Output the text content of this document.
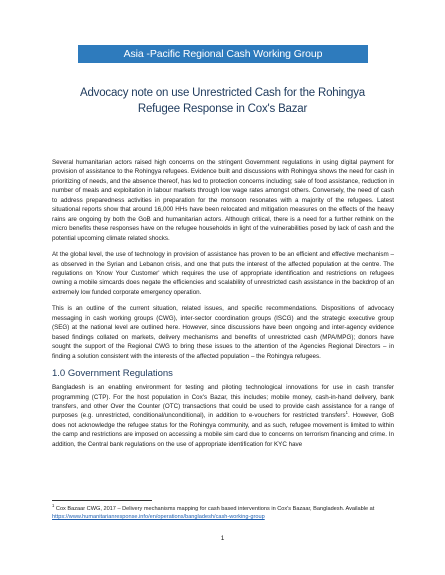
Asia -Pacific Regional Cash Working Group
Advocacy note on use Unrestricted Cash for the Rohingya Refugee Response in Cox's Bazar

Several humanitarian actors raised high concerns on the stringent Government regulations in using digital payment for provision of assistance to the Rohingya refugees. Evidence built and discussions with Rohingya shows the need for cash in prioritizing of needs, and the absence thereof, has led to protection concerns including; sale of food assistance, reduction in number of meals and exploitation in labour markets through low wage rates amongst others. Conversely, the need of cash to address preparedness activities in preparation for the monsoon resonates with a majority of the refugees. Latest situational reports show that around 16,000 HHs have been relocated and mitigation measures on the effects of the heavy rains are ongoing by both the GoB and humanitarian actors. Although critical, there is a need for a further rethink on the micro benefits these responses have on the refugee households in light of the vulnerabilities posed by lack of cash and the potential upcoming climate related shocks.

At the global level, the use of technology in provision of assistance has proven to be an efficient and effective mechanism – as observed in the Syrian and Lebanon crisis, and one that puts the interest of the affected population at the centre. The regulations on 'Know Your Customer' which requires the use of appropriate identification and restrictions on refugees owning a mobile simcards does negate the efficiencies and scalability of unrestricted cash assistance in the backdrop of an extremely low funded corporate emergency operation.

This is an outline of the current situation, related issues, and specific recommendations. Dispositions of advocacy messaging in cash working groups (CWG), inter-sector coordination groups (ISCG) and the strategic executive group (SEG) at the national level are outlined here. However, since discussions have been ongoing and inter-agency evidence based findings collated on markets, delivery mechanisms and benefits of unrestricted cash (MPA/MPG); donors have sought the support of the Regional CWG to bring these issues to the attention of the Agencies Regional Directors – in finding a solution consistent with the interests of the affected population – the Rohingya refugees.

1.0 Government Regulations

Bangladesh is an enabling environment for testing and piloting technological innovations for use in cash transfer programming (CTP). For the host population in Cox's Bazar, this includes; mobile money, cash-in-hand delivery, bank transfers, and other Over the Counter (OTC) transactions that could be used to provide cash assistance for a range of purposes (e.g. unrestricted, conditional/unconditional), in addition to e-vouchers for restricted transfers$^1$. However, GoB does not acknowledge the refugee status for the Rohingya community, and as such, refugee movement is limited to within the camp and restrictions are imposed on accessing a mobile sim card due to concerns on terrorism financing and crime. In addition, the Central bank regulations on the use of appropriate identification for KYC have

$^1$ Cox Bazaar CWG, 2017 – Delivery mechanisms mapping for cash based interventions in Cox's Bazaar, Bangladesh. Available at https://www.humanitarianresponse.info/en/operations/bangladesh/cash-working-group
1
